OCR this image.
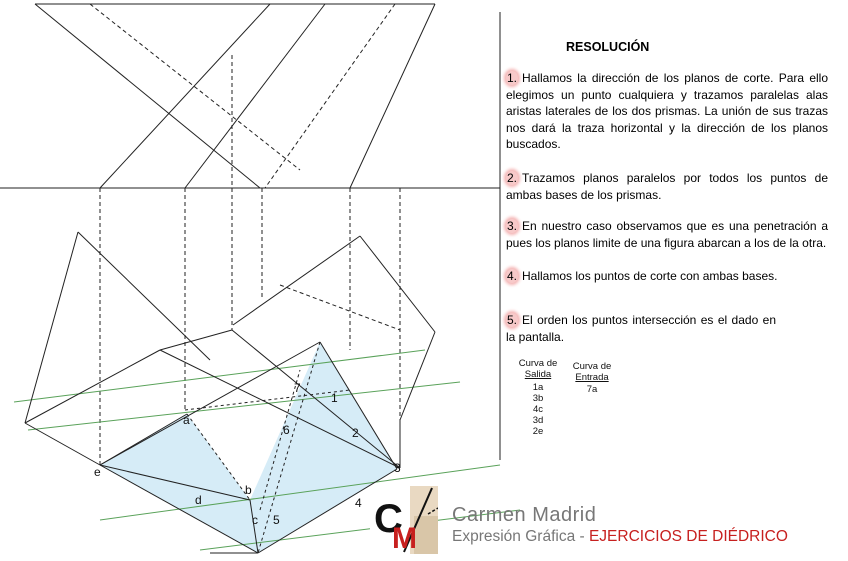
a
b
c
d
e
1
2
3
4
5
6
7
RESOLUCIÓN
1. Hallamos la dirección de los planos de corte. Para ello elegimos un punto cualquiera y trazamos paralelas alas aristas laterales de los dos prismas. La unión de sus trazas nos dará la traza horizontal y la dirección de los planos buscados.
2. Trazamos planos paralelos por todos los puntos de ambas bases de los prismas.
3. En nuestro caso observamos que es una penetración a pues los planos limite de una figura abarcan a los de la otra.
4. Hallamos los puntos de corte con ambas bases.
5. El orden los puntos intersección es el dado en la pantalla.
Curva de
Salida
1a
3b
4c
3d
2e
Curva de
Entrada
7a
C
M
Carmen Madrid
Expresión Gráfica - EJERCICIOS DE DIÉDRICO
